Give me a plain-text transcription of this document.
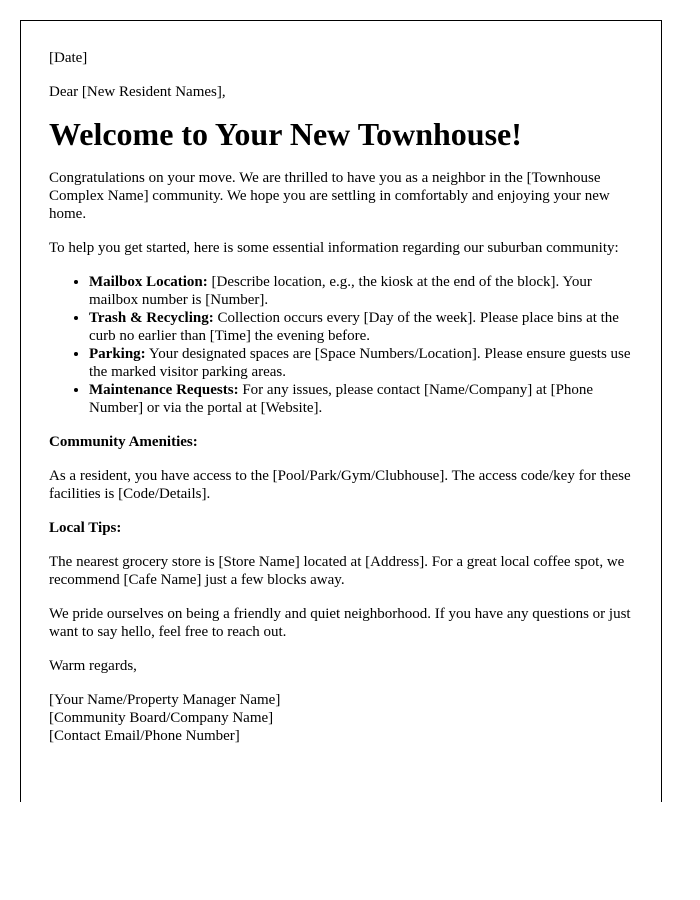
[Date]

Dear [New Resident Names],

Welcome to Your New Townhouse!

Congratulations on your move. We are thrilled to have you as a neighbor in the [Townhouse Complex Name] community. We hope you are settling in comfortably and enjoying your new home.

To help you get started, here is some essential information regarding our suburban community:

• Mailbox Location: [Describe location, e.g., the kiosk at the end of the block]. Your mailbox number is [Number].
• Trash & Recycling: Collection occurs every [Day of the week]. Please place bins at the curb no earlier than [Time] the evening before.
• Parking: Your designated spaces are [Space Numbers/Location]. Please ensure guests use the marked visitor parking areas.
• Maintenance Requests: For any issues, please contact [Name/Company] at [Phone Number] or via the portal at [Website].

Community Amenities:

As a resident, you have access to the [Pool/Park/Gym/Clubhouse]. The access code/key for these facilities is [Code/Details].

Local Tips:

The nearest grocery store is [Store Name] located at [Address]. For a great local coffee spot, we recommend [Cafe Name] just a few blocks away.

We pride ourselves on being a friendly and quiet neighborhood. If you have any questions or just want to say hello, feel free to reach out.

Warm regards,

[Your Name/Property Manager Name]

[Community Board/Company Name]

[Contact Email/Phone Number]
